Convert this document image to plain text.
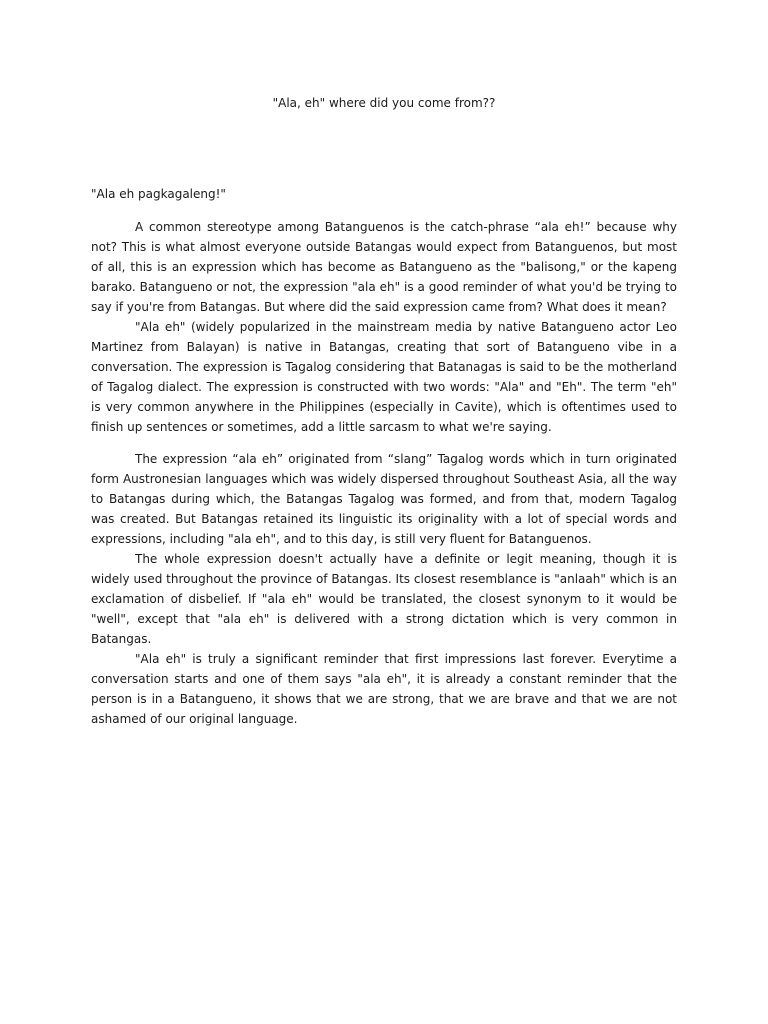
"Ala, eh" where did you come from??
"Ala eh pagkagaleng!"

A common stereotype among Batanguenos is the catch-phrase “ala eh!” because why not? This is what almost everyone outside Batangas would expect from Batanguenos, but most of all, this is an expression which has become as Batangueno as the "balisong," or the kapeng barako. Batangueno or not, the expression "ala eh" is a good reminder of what you'd be trying to say if you're from Batangas. But where did the said expression came from? What does it mean?

"Ala eh" (widely popularized in the mainstream media by native Batangueno actor Leo Martinez from Balayan) is native in Batangas, creating that sort of Batangueno vibe in a conversation. The expression is Tagalog considering that Batanagas is said to be the motherland of Tagalog dialect. The expression is constructed with two words: "Ala" and "Eh". The term "eh" is very common anywhere in the Philippines (especially in Cavite), which is oftentimes used to finish up sentences or sometimes, add a little sarcasm to what we're saying.

The expression “ala eh” originated from “slang” Tagalog words which in turn originated form Austronesian languages which was widely dispersed throughout Southeast Asia, all the way to Batangas during which, the Batangas Tagalog was formed, and from that, modern Tagalog was created. But Batangas retained its linguistic its originality with a lot of special words and expressions, including "ala eh", and to this day, is still very fluent for Batanguenos.

The whole expression doesn't actually have a definite or legit meaning, though it is widely used throughout the province of Batangas. Its closest resemblance is "anlaah" which is an exclamation of disbelief. If "ala eh" would be translated, the closest synonym to it would be "well", except that "ala eh" is delivered with a strong dictation which is very common in Batangas.

"Ala eh" is truly a significant reminder that first impressions last forever. Everytime a conversation starts and one of them says "ala eh", it is already a constant reminder that the person is in a Batangueno, it shows that we are strong, that we are brave and that we are not ashamed of our original language.
